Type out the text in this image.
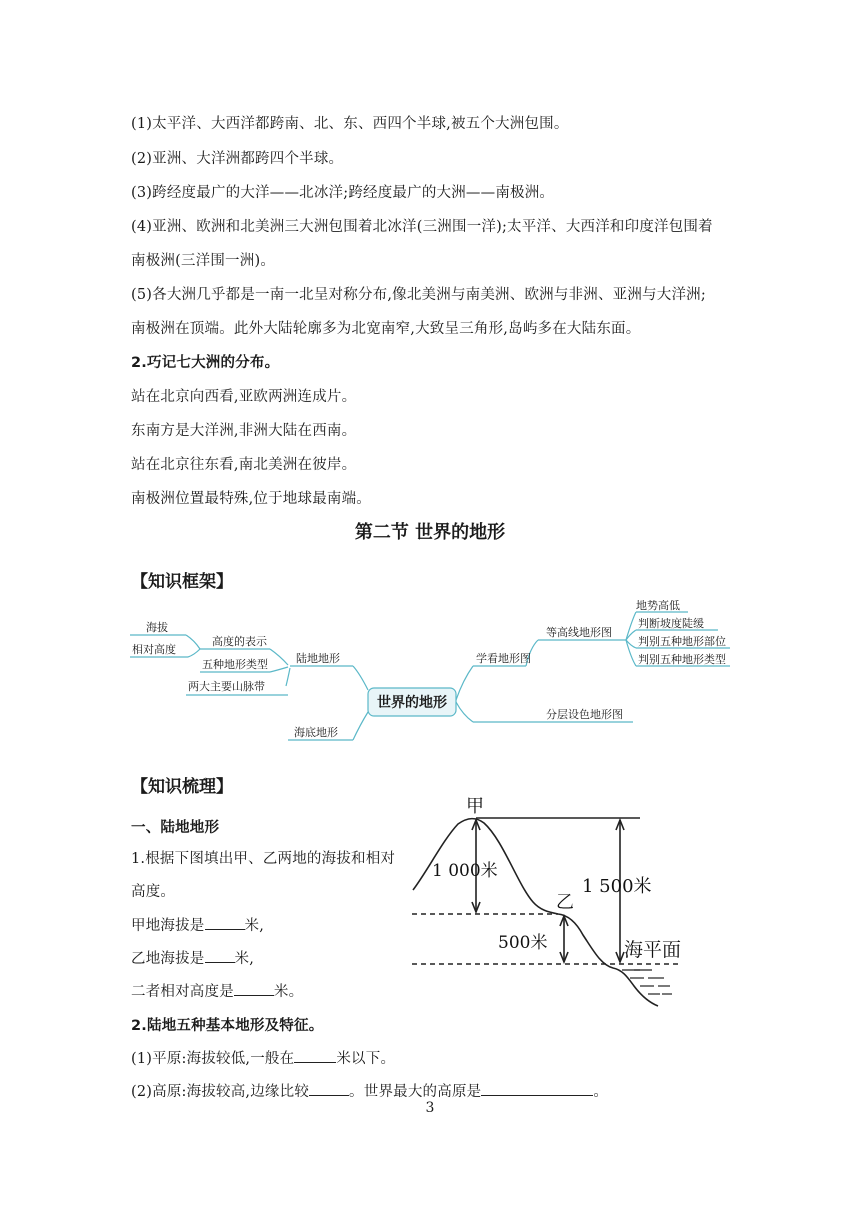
(1)太平洋、大西洋都跨南、北、东、西四个半球,被五个大洲包围。
(2)亚洲、大洋洲都跨四个半球。
(3)跨经度最广的大洋——北冰洋;跨经度最广的大洲——南极洲。
(4)亚洲、欧洲和北美洲三大洲包围着北冰洋(三洲围一洋);太平洋、大西洋和印度洋包围着
南极洲(三洋围一洲)。
(5)各大洲几乎都是一南一北呈对称分布,像北美洲与南美洲、欧洲与非洲、亚洲与大洋洲;
南极洲在顶端。此外大陆轮廓多为北宽南窄,大致呈三角形,岛屿多在大陆东面。
2.巧记七大洲的分布。
站在北京向西看,亚欧两洲连成片。
东南方是大洋洲,非洲大陆在西南。
站在北京往东看,南北美洲在彼岸。
南极洲位置最特殊,位于地球最南端。
第二节 世界的地形
【知识框架】
世界的地形
海拔
相对高度
高度的表示
五种地形类型
两大主要山脉带
陆地地形
海底地形
学看地形图
等高线地形图
分层设色地形图
地势高低
判断坡度陡缓
判别五种地形部位
判别五种地形类型
【知识梳理】
一、陆地地形
1.根据下图填出甲、乙两地的海拔和相对
高度。
甲地海拔是	米,
乙地海拔是 米,
二者相对高度是	米。
甲
1 000米
乙
500米
1 500米
海平面
2.陆地五种基本地形及特征。
(1)平原:海拔较低,一般在	米以下。
(2)高原:海拔较高,边缘比较	。世界最大的高原是	。
3
